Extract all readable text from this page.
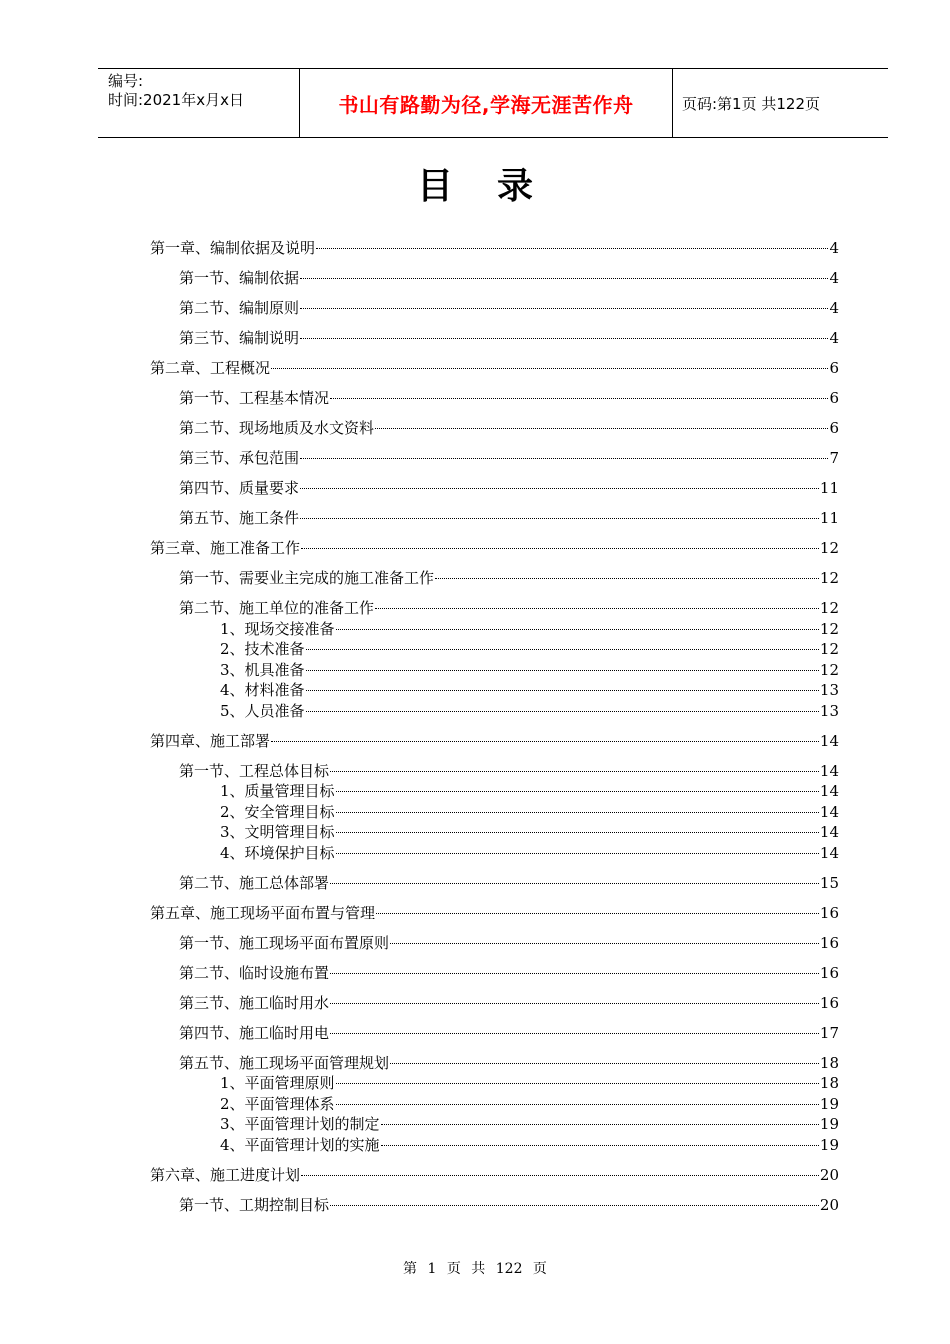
编号:
时间:2021年x月x日	书山有路勤为径,学海无涯苦作舟	页码:第1页 共122页
目录
第一章、编制依据及说明	4
第一节、编制依据	4
第二节、编制原则	4
第三节、编制说明	4
第二章、工程概况	6
第一节、工程基本情况	6
第二节、现场地质及水文资料	6
第三节、承包范围	7
第四节、质量要求	11
第五节、施工条件	11
第三章、施工准备工作	12
第一节、需要业主完成的施工准备工作	12
第二节、施工单位的准备工作	12
1、现场交接准备	12
2、技术准备	12
3、机具准备	12
4、材料准备	13
5、人员准备	13
第四章、施工部署	14
第一节、工程总体目标	14
1、质量管理目标	14
2、安全管理目标	14
3、文明管理目标	14
4、环境保护目标	14
第二节、施工总体部署	15
第五章、施工现场平面布置与管理	16
第一节、施工现场平面布置原则	16
第二节、临时设施布置	16
第三节、施工临时用水	16
第四节、施工临时用电	17
第五节、施工现场平面管理规划	18
1、平面管理原则	18
2、平面管理体系	19
3、平面管理计划的制定	19
4、平面管理计划的实施	19
第六章、施工进度计划	20
第一节、工期控制目标	20
第 1 页 共 122 页
